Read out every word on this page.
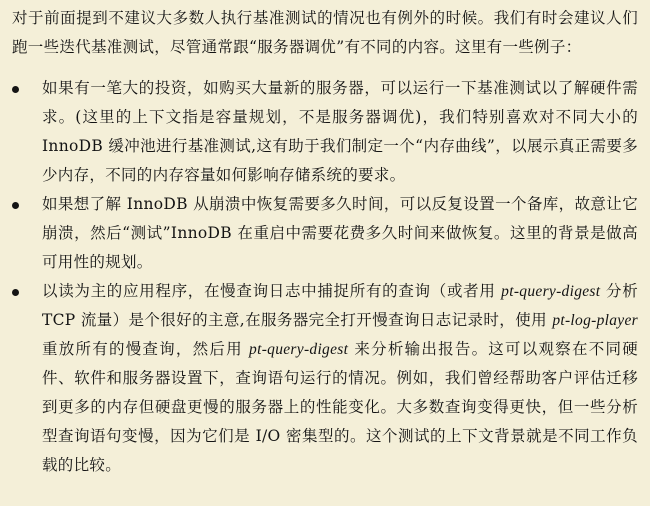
对于前面提到不建议大多数人执行基准测试的情况也有例外的时候。我们有时会建议人们跑一些迭代基准测试，尽管通常跟“服务器调优”有不同的内容。这里有一些例子：

如果有一笔大的投资，如购买大量新的服务器，可以运行一下基准测试以了解硬件需求。(这里的上下文指是容量规划，不是服务器调优)，我们特别喜欢对不同大小的 InnoDB 缓冲池进行基准测试,这有助于我们制定一个“内存曲线”，以展示真正需要多少内存，不同的内存容量如何影响存储系统的要求。
如果想了解 InnoDB 从崩溃中恢复需要多久时间，可以反复设置一个备库，故意让它崩溃，然后“测试”InnoDB 在重启中需要花费多久时间来做恢复。这里的背景是做高可用性的规划。
以读为主的应用程序，在慢查询日志中捕捉所有的查询（或者用 pt-query-digest 分析 TCP 流量）是个很好的主意,在服务器完全打开慢查询日志记录时，使用 pt-log-player 重放所有的慢查询，然后用 pt-query-digest 来分析输出报告。这可以观察在不同硬件、软件和服务器设置下，查询语句运行的情况。例如，我们曾经帮助客户评估迁移到更多的内存但硬盘更慢的服务器上的性能变化。大多数查询变得更快，但一些分析型查询语句变慢，因为它们是 I/O 密集型的。这个测试的上下文背景就是不同工作负载的比较。
